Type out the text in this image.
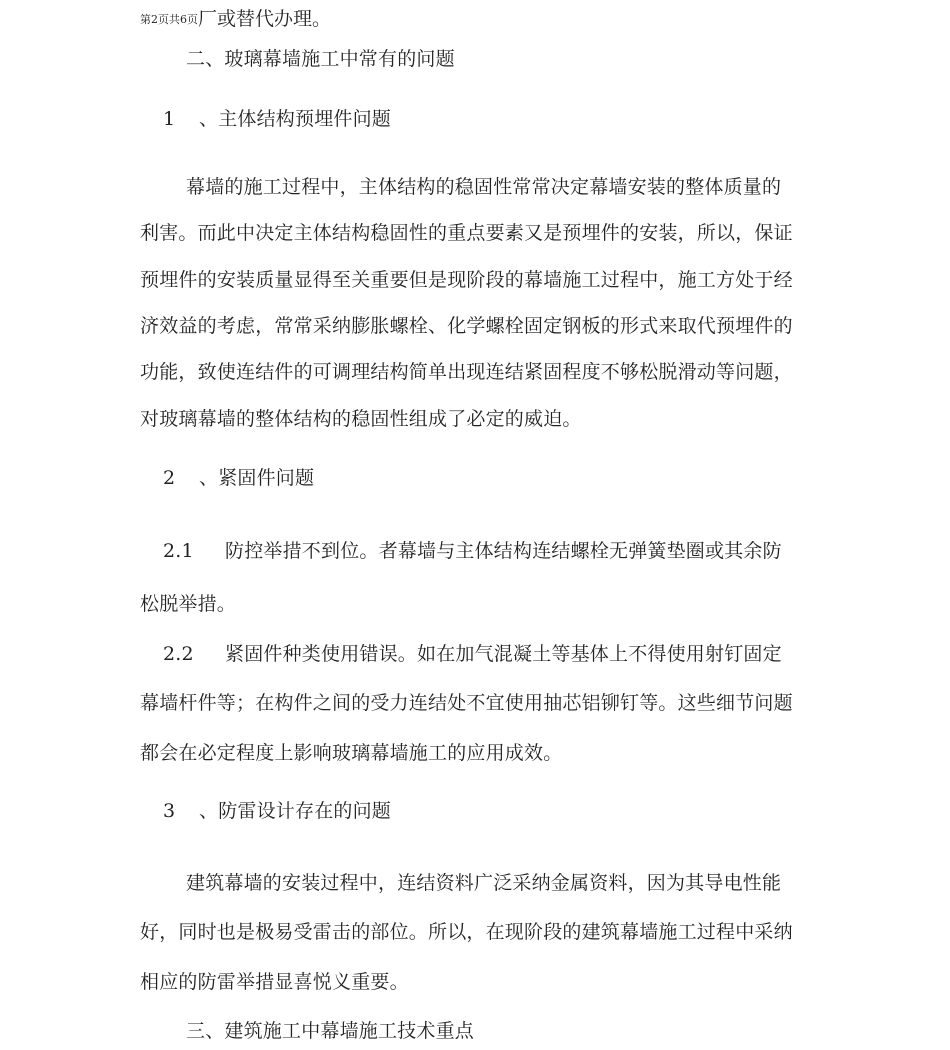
第2页共6页厂或替代办理。
二、玻璃幕墙施工中常有的问题
1 、主体结构预埋件问题
幕墙的施工过程中，主体结构的稳固性常常决定幕墙安装的整体质量的
利害。而此中决定主体结构稳固性的重点要素又是预埋件的安装，所以，保证
预埋件的安装质量显得至关重要但是现阶段的幕墙施工过程中，施工方处于经
济效益的考虑，常常采纳膨胀螺栓、化学螺栓固定钢板的形式来取代预埋件的
功能，致使连结件的可调理结构简单出现连结紧固程度不够松脱滑动等问题，
对玻璃幕墙的整体结构的稳固性组成了必定的威迫。
2 、紧固件问题
2.1 防控举措不到位。者幕墙与主体结构连结螺栓无弹簧垫圈或其余防
松脱举措。
2.2 紧固件种类使用错误。如在加气混凝土等基体上不得使用射钉固定
幕墙杆件等；在构件之间的受力连结处不宜使用抽芯铝铆钉等。这些细节问题
都会在必定程度上影响玻璃幕墙施工的应用成效。
3 、防雷设计存在的问题
建筑幕墙的安装过程中，连结资料广泛采纳金属资料，因为其导电性能
好，同时也是极易受雷击的部位。所以，在现阶段的建筑幕墙施工过程中采纳
相应的防雷举措显喜悦义重要。
三、建筑施工中幕墙施工技术重点
